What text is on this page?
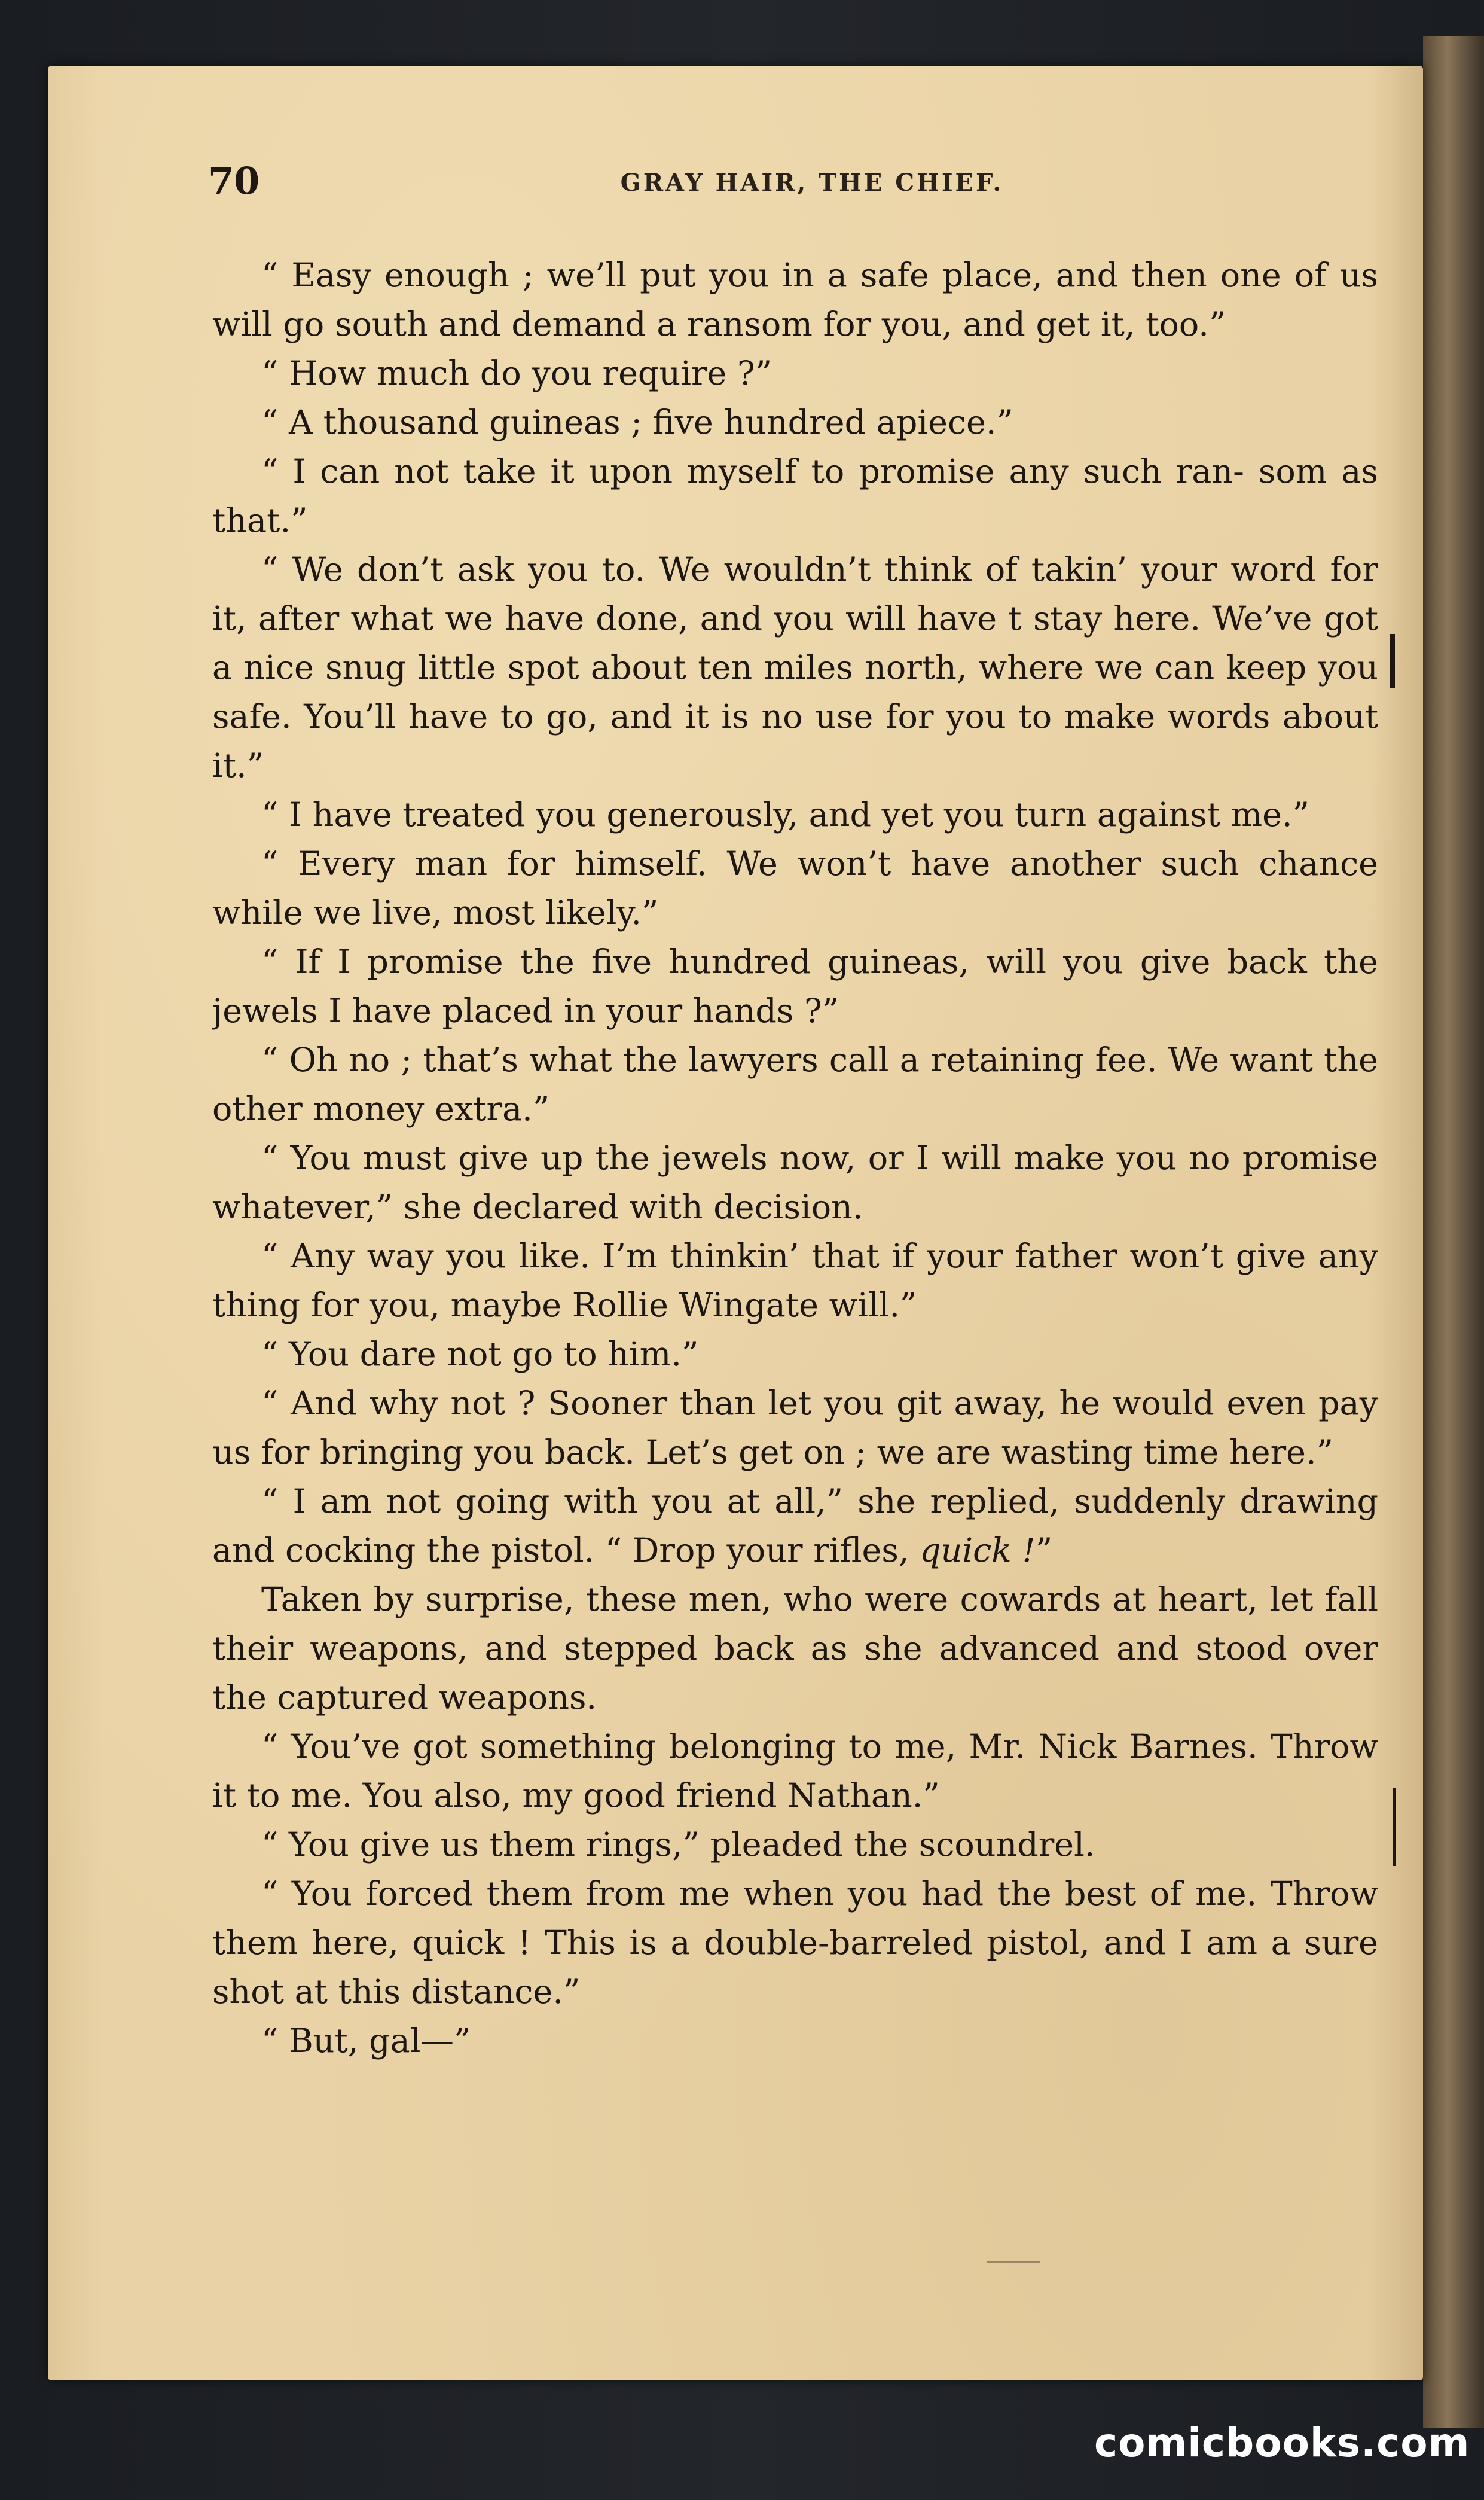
70	GRAY HAIR, THE CHIEF.

“ Easy enough ; we’ll put you in a safe place, and then one of us will go south and demand a ransom for you, and get it, too.”

“ How much do you require ?”

“ A thousand guineas ; five hundred apiece.”

“ I can not take it upon myself to promise any such ran- som as that.”

“ We don’t ask you to. We wouldn’t think of takin’ your word for it, after what we have done, and you will have t stay here. We’ve got a nice snug little spot about ten miles north, where we can keep you safe. You’ll have to go, and it is no use for you to make words about it.”

“ I have treated you generously, and yet you turn against me.”

“ Every man for himself. We won’t have another such chance while we live, most likely.”

“ If I promise the five hundred guineas, will you give back the jewels I have placed in your hands ?”

“ Oh no ; that’s what the lawyers call a retaining fee. We want the other money extra.”

“ You must give up the jewels now, or I will make you no promise whatever,” she declared with decision.

“ Any way you like. I’m thinkin’ that if your father won’t give any thing for you, maybe Rollie Wingate will.”

“ You dare not go to him.”

“ And why not ? Sooner than let you git away, he would even pay us for bringing you back. Let’s get on ; we are wasting time here.”

“ I am not going with you at all,” she replied, suddenly drawing and cocking the pistol. “ Drop your rifles, quick !”

Taken by surprise, these men, who were cowards at heart, let fall their weapons, and stepped back as she advanced and stood over the captured weapons.

“ You’ve got something belonging to me, Mr. Nick Barnes. Throw it to me. You also, my good friend Nathan.”

“ You give us them rings,” pleaded the scoundrel.

“ You forced them from me when you had the best of me. Throw them here, quick ! This is a double-barreled pistol, and I am a sure shot at this distance.”

“ But, gal—”

comicbooks.com
